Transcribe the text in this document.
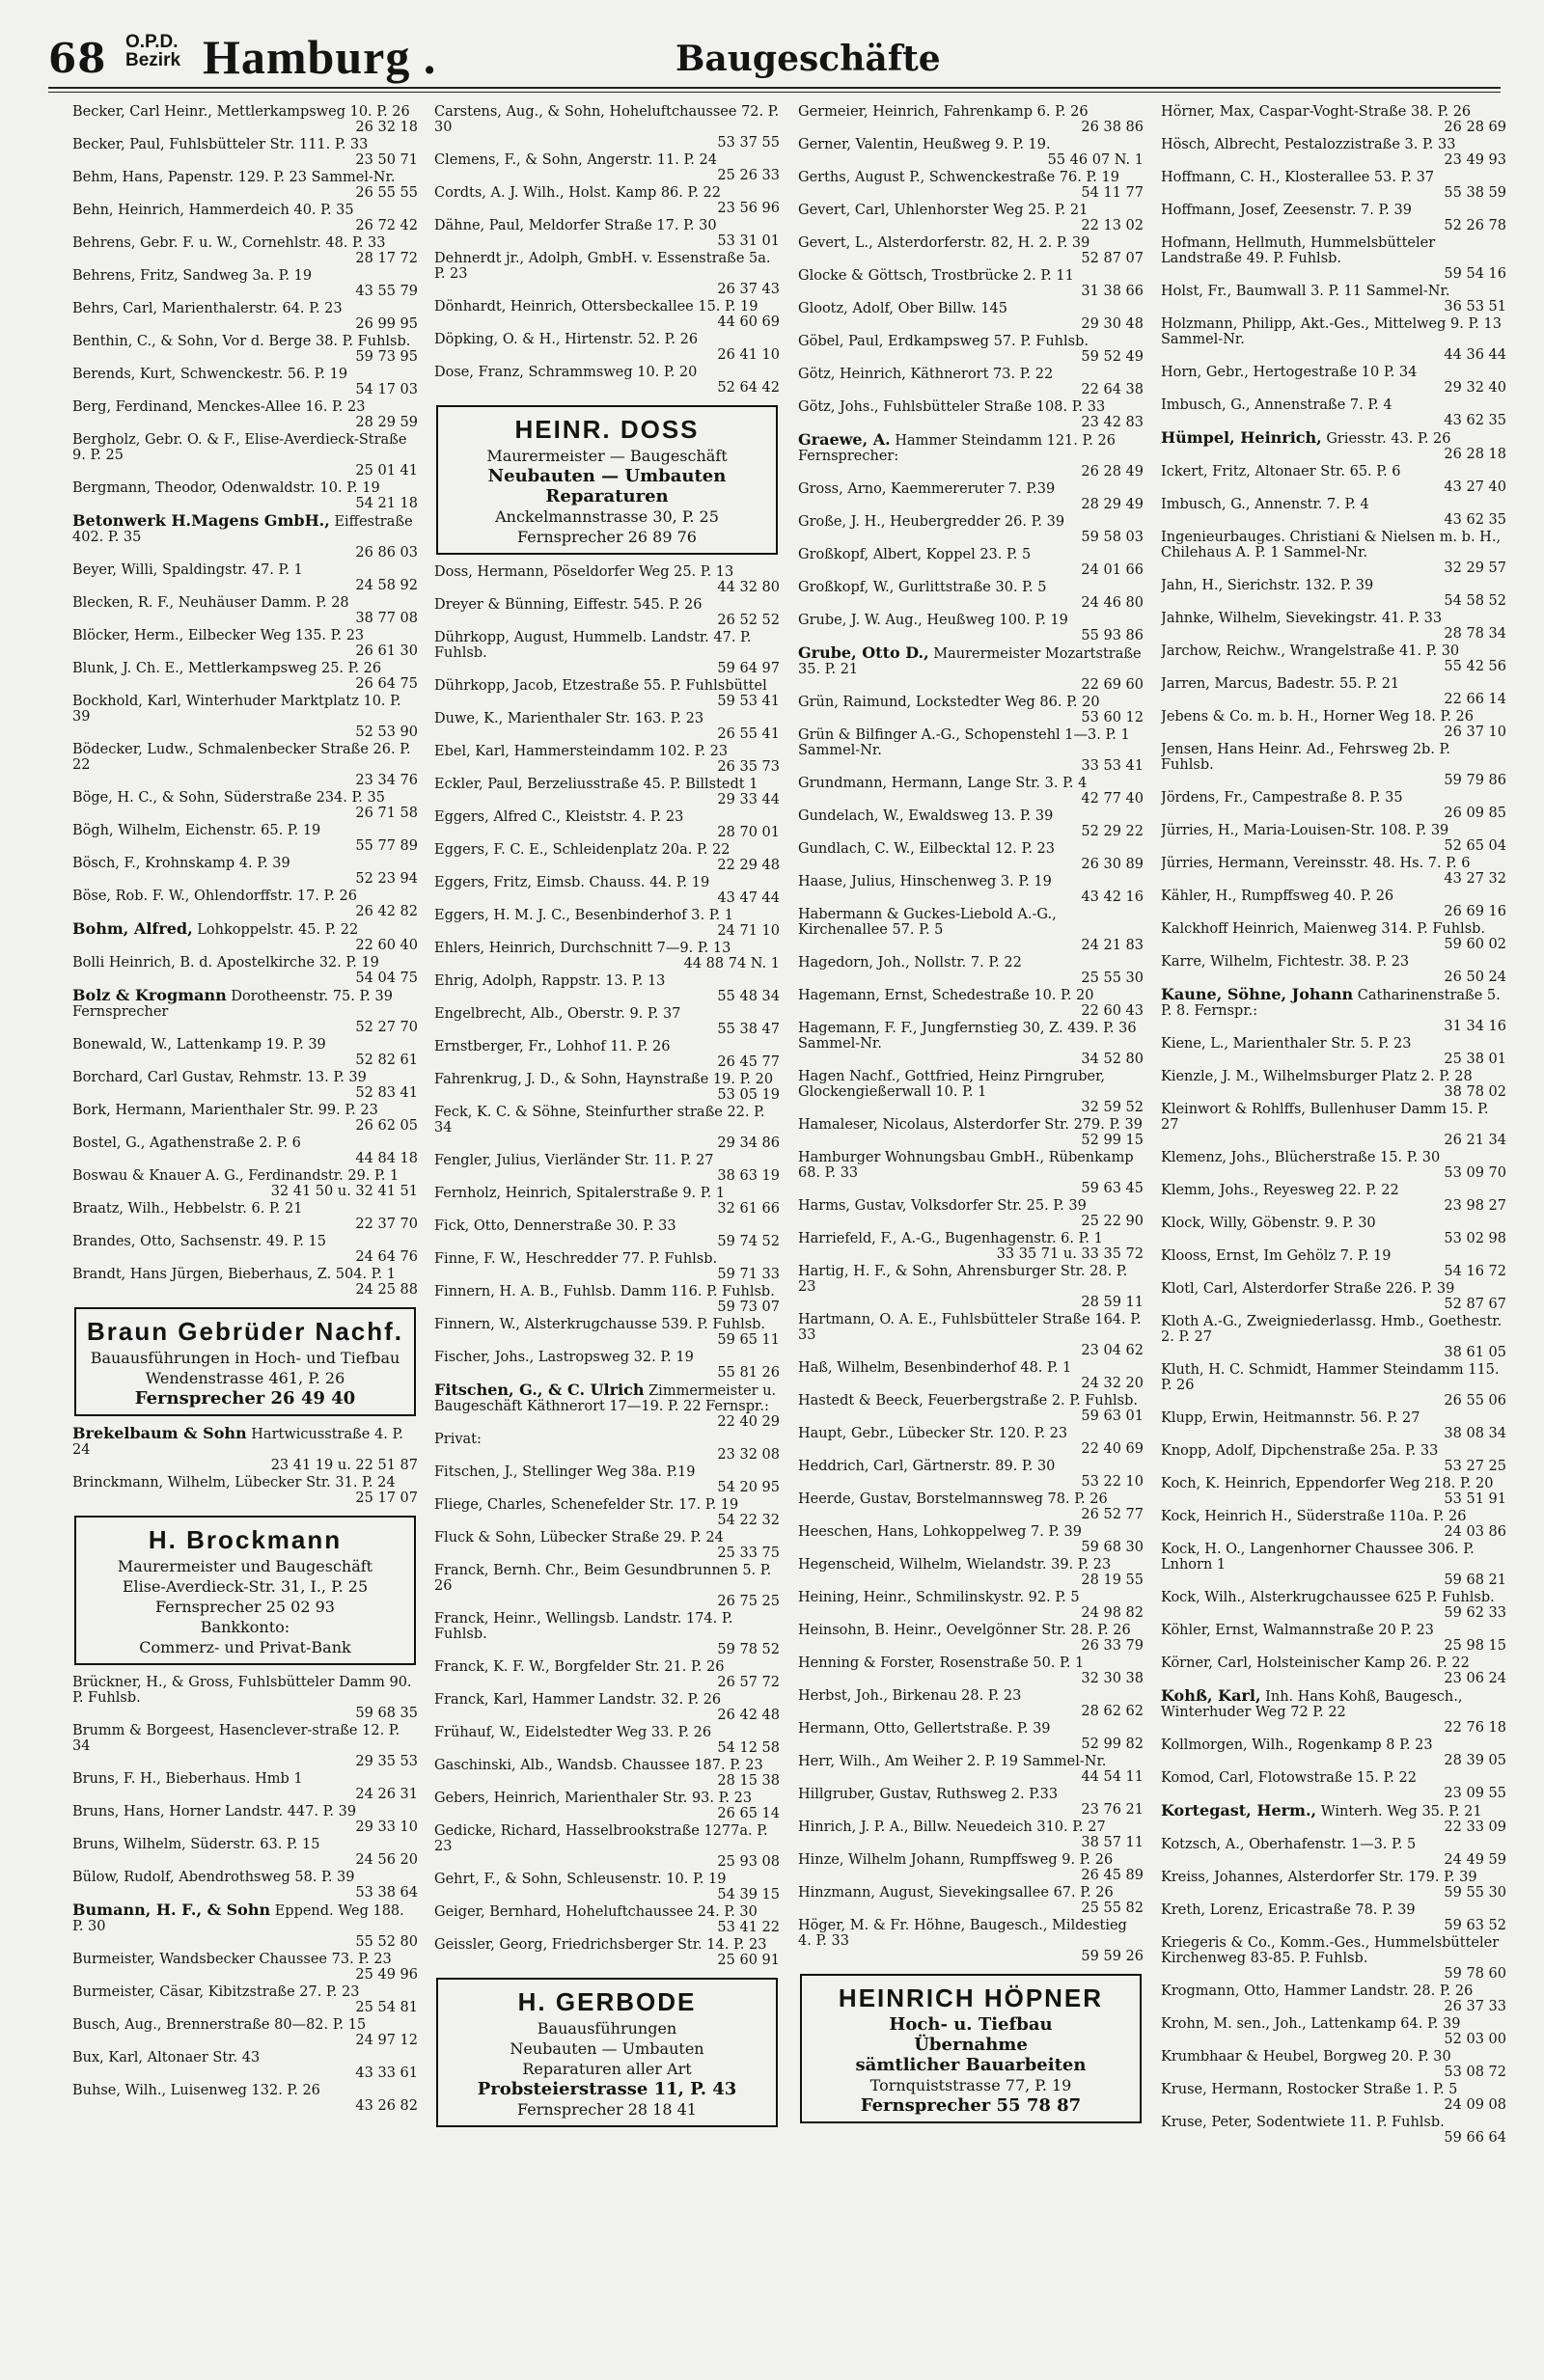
68 O.P.D.
Bezirk Hamburg .	Baugeschäfte
Becker, Carl Heinr., Mettlerkampsweg 10. P. 26
26 32 18
Becker, Paul, Fuhlsbütteler Str. 111. P. 33
23 50 71
Behm, Hans, Papenstr. 129. P. 23 Sammel-Nr.
26 55 55
Behn, Heinrich, Hammerdeich 40. P. 35
26 72 42
Behrens, Gebr. F. u. W., Cornehlstr. 48. P. 33
28 17 72
Behrens, Fritz, Sandweg 3a. P. 19
43 55 79
Behrs, Carl, Marienthalerstr. 64. P. 23
26 99 95
Benthin, C., & Sohn, Vor d. Berge 38. P. Fuhlsb.
59 73 95
Berends, Kurt, Schwenckestr. 56. P. 19
54 17 03
Berg, Ferdinand, Menckes-Allee 16. P. 23
28 29 59
Bergholz, Gebr. O. & F., Elise-Averdieck-Straße 9. P. 25
25 01 41
Bergmann, Theodor, Odenwaldstr. 10. P. 19
54 21 18
Betonwerk H.Magens GmbH., Eiffestraße 402. P. 35
26 86 03
Beyer, Willi, Spaldingstr. 47. P. 1
24 58 92
Blecken, R. F., Neuhäuser Damm. P. 28
38 77 08
Blöcker, Herm., Eilbecker Weg 135. P. 23
26 61 30
Blunk, J. Ch. E., Mettlerkampsweg 25. P. 26
26 64 75
Bockhold, Karl, Winterhuder Marktplatz 10. P. 39
52 53 90
Bödecker, Ludw., Schmalenbecker Straße 26. P. 22
23 34 76
Böge, H. C., & Sohn, Süderstraße 234. P. 35
26 71 58
Bögh, Wilhelm, Eichenstr. 65. P. 19
55 77 89
Bösch, F., Krohnskamp 4. P. 39
52 23 94
Böse, Rob. F. W., Ohlendorffstr. 17. P. 26
26 42 82
Bohm, Alfred, Lohkoppelstr. 45. P. 22
22 60 40
Bolli Heinrich, B. d. Apostelkirche 32. P. 19
54 04 75
Bolz & Krogmann Dorotheenstr. 75. P. 39 Fernsprecher
52 27 70
Bonewald, W., Lattenkamp 19. P. 39
52 82 61
Borchard, Carl Gustav, Rehmstr. 13. P. 39
52 83 41
Bork, Hermann, Marienthaler Str. 99. P. 23
26 62 05
Bostel, G., Agathenstraße 2. P. 6
44 84 18
Boswau & Knauer A. G., Ferdinandstr. 29. P. 1
32 41 50 u. 32 41 51
Braatz, Wilh., Hebbelstr. 6. P. 21
22 37 70
Brandes, Otto, Sachsenstr. 49. P. 15
24 64 76
Brandt, Hans Jürgen, Bieberhaus, Z. 504. P. 1
24 25 88
Braun Gebrüder Nachf.
Bauausführungen in Hoch- und Tiefbau
Wendenstrasse 461, P. 26
Fernsprecher 26 49 40
Brekelbaum & Sohn Hartwicusstraße 4. P. 24
23 41 19 u. 22 51 87
Brinckmann, Wilhelm, Lübecker Str. 31. P. 24
25 17 07
H. Brockmann
Maurermeister und Baugeschäft
Elise-Averdieck-Str. 31, I., P. 25
Fernsprecher 25 02 93
Bankkonto:
Commerz- und Privat-Bank
Brückner, H., & Gross, Fuhlsbütteler Damm 90. P. Fuhlsb.
59 68 35
Brumm & Borgeest, Hasenclever-straße 12. P. 34
29 35 53
Bruns, F. H., Bieberhaus. Hmb 1
24 26 31
Bruns, Hans, Horner Landstr. 447. P. 39
29 33 10
Bruns, Wilhelm, Süderstr. 63. P. 15
24 56 20
Bülow, Rudolf, Abendrothsweg 58. P. 39
53 38 64
Bumann, H. F., & Sohn Eppend. Weg 188. P. 30
55 52 80
Burmeister, Wandsbecker Chaussee 73. P. 23
25 49 96
Burmeister, Cäsar, Kibitzstraße 27. P. 23
25 54 81
Busch, Aug., Brennerstraße 80—82. P. 15
24 97 12
Bux, Karl, Altonaer Str. 43
43 33 61
Buhse, Wilh., Luisenweg 132. P. 26
43 26 82
Carstens, Aug., & Sohn, Hoheluftchaussee 72. P. 30
53 37 55
Clemens, F., & Sohn, Angerstr. 11. P. 24
25 26 33
Cordts, A. J. Wilh., Holst. Kamp 86. P. 22
23 56 96
Dähne, Paul, Meldorfer Straße 17. P. 30
53 31 01
Dehnerdt jr., Adolph, GmbH. v. Essenstraße 5a. P. 23
26 37 43
Dönhardt, Heinrich, Ottersbeckallee 15. P. 19
44 60 69
Döpking, O. & H., Hirtenstr. 52. P. 26
26 41 10
Dose, Franz, Schrammsweg 10. P. 20
52 64 42
HEINR. DOSS
Maurermeister — Baugeschäft
Neubauten — Umbauten Reparaturen
Anckelmannstrasse 30, P. 25
Fernsprecher 26 89 76
Doss, Hermann, Pöseldorfer Weg 25. P. 13
44 32 80
Dreyer & Bünning, Eiffestr. 545. P. 26
26 52 52
Dührkopp, August, Hummelb. Landstr. 47. P. Fuhlsb.
59 64 97
Dührkopp, Jacob, Etzestraße 55. P. Fuhlsbüttel
59 53 41
Duwe, K., Marienthaler Str. 163. P. 23
26 55 41
Ebel, Karl, Hammersteindamm 102. P. 23
26 35 73
Eckler, Paul, Berzeliusstraße 45. P. Billstedt 1
29 33 44
Eggers, Alfred C., Kleiststr. 4. P. 23
28 70 01
Eggers, F. C. E., Schleidenplatz 20a. P. 22
22 29 48
Eggers, Fritz, Eimsb. Chauss. 44. P. 19
43 47 44
Eggers, H. M. J. C., Besenbinderhof 3. P. 1
24 71 10
Ehlers, Heinrich, Durchschnitt 7—9. P. 13
44 88 74 N. 1
Ehrig, Adolph, Rappstr. 13. P. 13
55 48 34
Engelbrecht, Alb., Oberstr. 9. P. 37
55 38 47
Ernstberger, Fr., Lohhof 11. P. 26
26 45 77
Fahrenkrug, J. D., & Sohn, Haynstraße 19. P. 20
53 05 19
Feck, K. C. & Söhne, Steinfurther straße 22. P. 34
29 34 86
Fengler, Julius, Vierländer Str. 11. P. 27
38 63 19
Fernholz, Heinrich, Spitalerstraße 9. P. 1
32 61 66
Fick, Otto, Dennerstraße 30. P. 33
59 74 52
Finne, F. W., Heschredder 77. P. Fuhlsb.
59 71 33
Finnern, H. A. B., Fuhlsb. Damm 116. P. Fuhlsb.
59 73 07
Finnern, W., Alsterkrugchausse 539. P. Fuhlsb.
59 65 11
Fischer, Johs., Lastropsweg 32. P. 19
55 81 26
Fitschen, G., & C. Ulrich Zimmermeister u. Baugeschäft Käthnerort 17—19. P. 22 Fernspr.:
22 40 29
Privat:
23 32 08
Fitschen, J., Stellinger Weg 38a. P.19
54 20 95
Fliege, Charles, Schenefelder Str. 17. P. 19
54 22 32
Fluck & Sohn, Lübecker Straße 29. P. 24
25 33 75
Franck, Bernh. Chr., Beim Gesundbrunnen 5. P. 26
26 75 25
Franck, Heinr., Wellingsb. Landstr. 174. P. Fuhlsb.
59 78 52
Franck, K. F. W., Borgfelder Str. 21. P. 26
26 57 72
Franck, Karl, Hammer Landstr. 32. P. 26
26 42 48
Frühauf, W., Eidelstedter Weg 33. P. 26
54 12 58
Gaschinski, Alb., Wandsb. Chaussee 187. P. 23
28 15 38
Gebers, Heinrich, Marienthaler Str. 93. P. 23
26 65 14
Gedicke, Richard, Hasselbrookstraße 1277a. P. 23
25 93 08
Gehrt, F., & Sohn, Schleusenstr. 10. P. 19
54 39 15
Geiger, Bernhard, Hoheluftchaussee 24. P. 30
53 41 22
Geissler, Georg, Friedrichsberger Str. 14. P. 23
25 60 91
H. GERBODE
Bauausführungen
Neubauten — Umbauten
Reparaturen aller Art
Probsteierstrasse 11, P. 43
Fernsprecher 28 18 41
Germeier, Heinrich, Fahrenkamp 6. P. 26
26 38 86
Gerner, Valentin, Heußweg 9. P. 19.
55 46 07 N. 1
Gerths, August P., Schwenckestraße 76. P. 19
54 11 77
Gevert, Carl, Uhlenhorster Weg 25. P. 21
22 13 02
Gevert, L., Alsterdorferstr. 82, H. 2. P. 39
52 87 07
Glocke & Göttsch, Trostbrücke 2. P. 11
31 38 66
Glootz, Adolf, Ober Billw. 145
29 30 48
Göbel, Paul, Erdkampsweg 57. P. Fuhlsb.
59 52 49
Götz, Heinrich, Käthnerort 73. P. 22
22 64 38
Götz, Johs., Fuhlsbütteler Straße 108. P. 33
23 42 83
Graewe, A. Hammer Steindamm 121. P. 26 Fernsprecher:
26 28 49
Gross, Arno, Kaemmereruter 7. P.39
28 29 49
Große, J. H., Heubergredder 26. P. 39
59 58 03
Großkopf, Albert, Koppel 23. P. 5
24 01 66
Großkopf, W., Gurlittstraße 30. P. 5
24 46 80
Grube, J. W. Aug., Heußweg 100. P. 19
55 93 86
Grube, Otto D., Maurermeister Mozartstraße 35. P. 21
22 69 60
Grün, Raimund, Lockstedter Weg 86. P. 20
53 60 12
Grün & Bilfinger A.-G., Schopenstehl 1—3. P. 1 Sammel-Nr.
33 53 41
Grundmann, Hermann, Lange Str. 3. P. 4
42 77 40
Gundelach, W., Ewaldsweg 13. P. 39
52 29 22
Gundlach, C. W., Eilbecktal 12. P. 23
26 30 89
Haase, Julius, Hinschenweg 3. P. 19
43 42 16
Habermann & Guckes-Liebold A.-G., Kirchenallee 57. P. 5
24 21 83
Hagedorn, Joh., Nollstr. 7. P. 22
25 55 30
Hagemann, Ernst, Schedestraße 10. P. 20
22 60 43
Hagemann, F. F., Jungfernstieg 30, Z. 439. P. 36 Sammel-Nr.
34 52 80
Hagen Nachf., Gottfried, Heinz Pirngruber, Glockengießerwall 10. P. 1
32 59 52
Hamaleser, Nicolaus, Alsterdorfer Str. 279. P. 39
52 99 15
Hamburger Wohnungsbau GmbH., Rübenkamp 68. P. 33
59 63 45
Harms, Gustav, Volksdorfer Str. 25. P. 39
25 22 90
Harriefeld, F., A.-G., Bugenhagenstr. 6. P. 1
33 35 71 u. 33 35 72
Hartig, H. F., & Sohn, Ahrensburger Str. 28. P. 23
28 59 11
Hartmann, O. A. E., Fuhlsbütteler Straße 164. P. 33
23 04 62
Haß, Wilhelm, Besenbinderhof 48. P. 1
24 32 20
Hastedt & Beeck, Feuerbergstraße 2. P. Fuhlsb.
59 63 01
Haupt, Gebr., Lübecker Str. 120. P. 23
22 40 69
Heddrich, Carl, Gärtnerstr. 89. P. 30
53 22 10
Heerde, Gustav, Borstelmannsweg 78. P. 26
26 52 77
Heeschen, Hans, Lohkoppelweg 7. P. 39
59 68 30
Hegenscheid, Wilhelm, Wielandstr. 39. P. 23
28 19 55
Heining, Heinr., Schmilinskystr. 92. P. 5
24 98 82
Heinsohn, B. Heinr., Oevelgönner Str. 28. P. 26
26 33 79
Henning & Forster, Rosenstraße 50. P. 1
32 30 38
Herbst, Joh., Birkenau 28. P. 23
28 62 62
Hermann, Otto, Gellertstraße. P. 39
52 99 82
Herr, Wilh., Am Weiher 2. P. 19 Sammel-Nr.
44 54 11
Hillgruber, Gustav, Ruthsweg 2. P.33
23 76 21
Hinrich, J. P. A., Billw. Neuedeich 310. P. 27
38 57 11
Hinze, Wilhelm Johann, Rumpffsweg 9. P. 26
26 45 89
Hinzmann, August, Sievekingsallee 67. P. 26
25 55 82
Höger, M. & Fr. Höhne, Baugesch., Mildestieg 4. P. 33
59 59 26
HEINRICH HÖPNER
Hoch- u. Tiefbau
Übernahme
sämtlicher Bauarbeiten
Tornquiststrasse 77, P. 19
Fernsprecher 55 78 87
Hörner, Max, Caspar-Voght-Straße 38. P. 26
26 28 69
Hösch, Albrecht, Pestalozzistraße 3. P. 33
23 49 93
Hoffmann, C. H., Klosterallee 53. P. 37
55 38 59
Hoffmann, Josef, Zeesenstr. 7. P. 39
52 26 78
Hofmann, Hellmuth, Hummelsbütteler Landstraße 49. P. Fuhlsb.
59 54 16
Holst, Fr., Baumwall 3. P. 11 Sammel-Nr.
36 53 51
Holzmann, Philipp, Akt.-Ges., Mittelweg 9. P. 13 Sammel-Nr.
44 36 44
Horn, Gebr., Hertogestraße 10 P. 34
29 32 40
Imbusch, G., Annenstraße 7. P. 4
43 62 35
Hümpel, Heinrich, Griesstr. 43. P. 26
26 28 18
Ickert, Fritz, Altonaer Str. 65. P. 6
43 27 40
Imbusch, G., Annenstr. 7. P. 4
43 62 35
Ingenieurbauges. Christiani & Nielsen m. b. H., Chilehaus A. P. 1 Sammel-Nr.
32 29 57
Jahn, H., Sierichstr. 132. P. 39
54 58 52
Jahnke, Wilhelm, Sievekingstr. 41. P. 33
28 78 34
Jarchow, Reichw., Wrangelstraße 41. P. 30
55 42 56
Jarren, Marcus, Badestr. 55. P. 21
22 66 14
Jebens & Co. m. b. H., Horner Weg 18. P. 26
26 37 10
Jensen, Hans Heinr. Ad., Fehrsweg 2b. P. Fuhlsb.
59 79 86
Jördens, Fr., Campestraße 8. P. 35
26 09 85
Jürries, H., Maria-Louisen-Str. 108. P. 39
52 65 04
Jürries, Hermann, Vereinsstr. 48. Hs. 7. P. 6
43 27 32
Kähler, H., Rumpffsweg 40. P. 26
26 69 16
Kalckhoff Heinrich, Maienweg 314. P. Fuhlsb.
59 60 02
Karre, Wilhelm, Fichtestr. 38. P. 23
26 50 24
Kaune, Söhne, Johann Catharinenstraße 5. P. 8. Fernspr.:
31 34 16
Kiene, L., Marienthaler Str. 5. P. 23
25 38 01
Kienzle, J. M., Wilhelmsburger Platz 2. P. 28
38 78 02
Kleinwort & Rohlffs, Bullenhuser Damm 15. P. 27
26 21 34
Klemenz, Johs., Blücherstraße 15. P. 30
53 09 70
Klemm, Johs., Reyesweg 22. P. 22
23 98 27
Klock, Willy, Göbenstr. 9. P. 30
53 02 98
Klooss, Ernst, Im Gehölz 7. P. 19
54 16 72
Klotl, Carl, Alsterdorfer Straße 226. P. 39
52 87 67
Kloth A.-G., Zweigniederlassg. Hmb., Goethestr. 2. P. 27
38 61 05
Kluth, H. C. Schmidt, Hammer Steindamm 115. P. 26
26 55 06
Klupp, Erwin, Heitmannstr. 56. P. 27
38 08 34
Knopp, Adolf, Dipchenstraße 25a. P. 33
53 27 25
Koch, K. Heinrich, Eppendorfer Weg 218. P. 20
53 51 91
Kock, Heinrich H., Süderstraße 110a. P. 26
24 03 86
Kock, H. O., Langenhorner Chaussee 306. P. Lnhorn 1
59 68 21
Kock, Wilh., Alsterkrugchaussee 625 P. Fuhlsb.
59 62 33
Köhler, Ernst, Walmannstraße 20 P. 23
25 98 15
Körner, Carl, Holsteinischer Kamp 26. P. 22
23 06 24
Kohß, Karl, Inh. Hans Kohß, Baugesch., Winterhuder Weg 72 P. 22
22 76 18
Kollmorgen, Wilh., Rogenkamp 8 P. 23
28 39 05
Komod, Carl, Flotowstraße 15. P. 22
23 09 55
Kortegast, Herm., Winterh. Weg 35. P. 21
22 33 09
Kotzsch, A., Oberhafenstr. 1—3. P. 5
24 49 59
Kreiss, Johannes, Alsterdorfer Str. 179. P. 39
59 55 30
Kreth, Lorenz, Ericastraße 78. P. 39
59 63 52
Kriegeris & Co., Komm.-Ges., Hummelsbütteler Kirchenweg 83-85. P. Fuhlsb.
59 78 60
Krogmann, Otto, Hammer Landstr. 28. P. 26
26 37 33
Krohn, M. sen., Joh., Lattenkamp 64. P. 39
52 03 00
Krumbhaar & Heubel, Borgweg 20. P. 30
53 08 72
Kruse, Hermann, Rostocker Straße 1. P. 5
24 09 08
Kruse, Peter, Sodentwiete 11. P. Fuhlsb.
59 66 64
